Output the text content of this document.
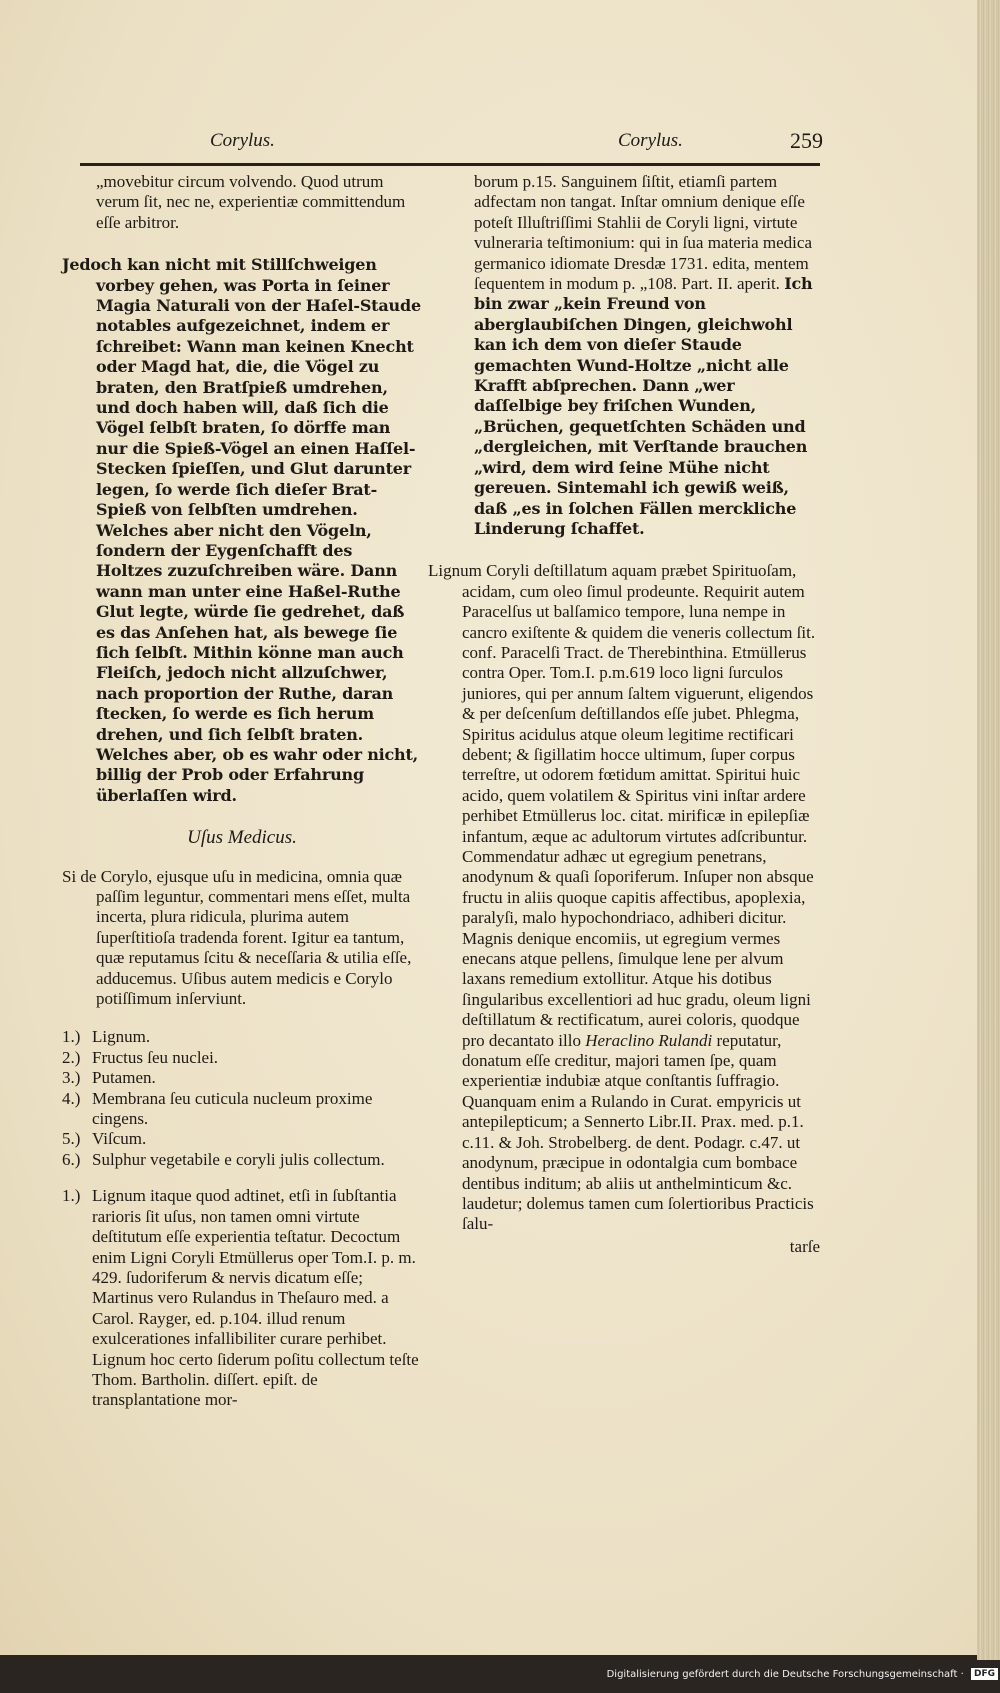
Corylus.	Corylus.	259

„movebitur circum volvendo. Quod utrum verum ſit, nec ne, experientiæ committendum eſſe arbitror.

Jedoch kan nicht mit Stillſchweigen vorbey gehen, was Porta in ſeiner Magia Naturali von der Haſel-Staude notables aufgezeichnet, indem er ſchreibet: Wann man keinen Knecht oder Magd hat, die, die Vögel zu braten, den Bratſpieß umdrehen, und doch haben will, daß ſich die Vögel ſelbſt braten, ſo dörffe man nur die Spieß-Vögel an einen Haſſel-Stecken ſpieſſen, und Glut darunter legen, ſo werde ſich dieſer Brat-Spieß von ſelbſten umdrehen. Welches aber nicht den Vögeln, ſondern der Eygenſchafft des Holtzes zuzuſchreiben wäre. Dann wann man unter eine Haßel-Ruthe Glut legte, würde ſie gedrehet, daß es das Anſehen hat, als bewege ſie ſich ſelbſt. Mithin könne man auch Fleiſch, jedoch nicht allzuſchwer, nach proportion der Ruthe, daran ſtecken, ſo werde es ſich herum drehen, und ſich ſelbſt braten. Welches aber, ob es wahr oder nicht, billig der Prob oder Erfahrung überlaſſen wird.

Uſus Medicus.

Si de Corylo, ejusque uſu in medicina, omnia quæ paſſim leguntur, commentari mens eſſet, multa incerta, plura ridicula, plurima autem ſuperſtitioſa tradenda forent. Igitur ea tantum, quæ reputamus ſcitu & neceſſaria & utilia eſſe, adducemus. Uſibus autem medicis e Corylo potiſſimum inſerviunt.

1.) Lignum.
2.) Fructus ſeu nuclei.
3.) Putamen.
4.) Membrana ſeu cuticula nucleum proxime cingens.
5.) Viſcum.
6.) Sulphur vegetabile e coryli julis collectum.
1.) Lignum itaque quod adtinet, etſi in ſubſtantia rarioris ſit uſus, non tamen omni virtute deſtitutum eſſe experientia teſtatur. Decoctum enim Ligni Coryli Etmüllerus oper Tom.I. p. m. 429. ſudoriferum & nervis dicatum eſſe; Martinus vero Rulandus in Theſauro med. a Carol. Rayger, ed. p.104. illud renum exulcerationes infallibiliter curare perhibet. Lignum hoc certo ſiderum poſitu collectum teſte Thom. Bartholin. diſſert. epiſt. de transplantatione mor-

borum p.15. Sanguinem ſiſtit, etiamſi partem adfectam non tangat. Inſtar omnium denique eſſe poteſt Illuſtriſſimi Stahlii de Coryli ligni, virtute vulneraria teſtimonium: qui in ſua materia medica germanico idiomate Dresdæ 1731. edita, mentem ſequentem in modum p. „108. Part. II. aperit. Ich bin zwar „kein Freund von aberglaubiſchen Dingen, gleichwohl kan ich dem von dieſer Staude gemachten Wund-Holtze „nicht alle Krafft abſprechen. Dann „wer daſſelbige bey friſchen Wunden, „Brüchen, gequetſchten Schäden und „dergleichen, mit Verſtande brauchen „wird, dem wird ſeine Mühe nicht gereuen. Sintemahl ich gewiß weiß, daß „es in ſolchen Fällen merckliche Linderung ſchaffet.

Lignum Coryli deſtillatum aquam præbet Spirituoſam, acidam, cum oleo ſimul prodeunte. Requirit autem Paracelſus ut balſamico tempore, luna nempe in cancro exiſtente & quidem die veneris collectum ſit. conf. Paracelſi Tract. de Therebinthina. Etmüllerus contra Oper. Tom.I. p.m.619 loco ligni ſurculos juniores, qui per annum ſaltem viguerunt, eligendos & per deſcenſum deſtillandos eſſe jubet. Phlegma, Spiritus acidulus atque oleum legitime rectificari debent; & ſigillatim hocce ultimum, ſuper corpus terreſtre, ut odorem fœtidum amittat. Spiritui huic acido, quem volatilem & Spiritus vini inſtar ardere perhibet Etmüllerus loc. citat. mirificæ in epilepſiæ infantum, æque ac adultorum virtutes adſcribuntur. Commendatur adhæc ut egregium penetrans, anodynum & quaſi ſoporiferum. Inſuper non absque fructu in aliis quoque capitis affectibus, apoplexia, paralyſi, malo hypochondriaco, adhiberi dicitur. Magnis denique encomiis, ut egregium vermes enecans atque pellens, ſimulque lene per alvum laxans remedium extollitur. Atque his dotibus ſingularibus excellentiori ad huc gradu, oleum ligni deſtillatum & rectificatum, aurei coloris, quodque pro decantato illo Heraclino Rulandi reputatur, donatum eſſe creditur, majori tamen ſpe, quam experientiæ indubiæ atque conſtantis ſuffragio. Quanquam enim a Rulando in Curat. empyricis ut antepilepticum; a Sennerto Libr.II. Prax. med. p.1. c.11. & Joh. Strobelberg. de dent. Podagr. c.47. ut anodynum, præcipue in odontalgia cum bombace dentibus inditum; ab aliis ut anthelminticum &c. laudetur; dolemus tamen cum ſolertioribus Practicis ſalu-

tarſe

Digitalisierung gefördert durch die Deutsche Forschungsgemeinschaft · DFG
